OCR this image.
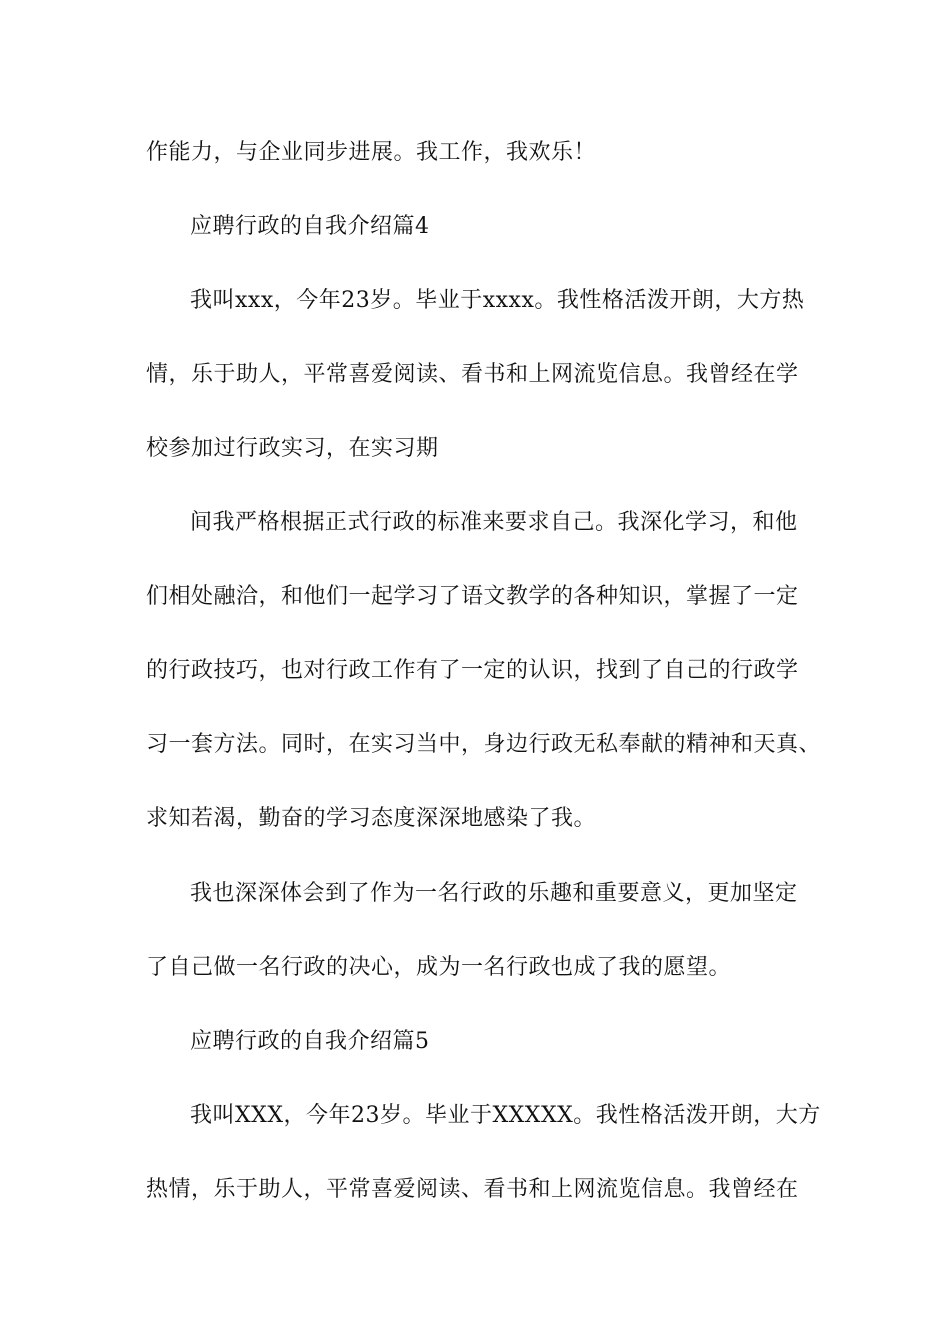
作能力，与企业同步进展。我工作，我欢乐！
应聘行政的自我介绍篇4
我叫xxx，今年23岁。毕业于xxxx。我性格活泼开朗，大方热
情，乐于助人，平常喜爱阅读、看书和上网流览信息。我曾经在学
校参加过行政实习，在实习期
间我严格根据正式行政的标准来要求自己。我深化学习，和他
们相处融洽，和他们一起学习了语文教学的各种知识，掌握了一定
的行政技巧，也对行政工作有了一定的认识，找到了自己的行政学
习一套方法。同时，在实习当中，身边行政无私奉献的精神和天真、
求知若渴，勤奋的学习态度深深地感染了我。
我也深深体会到了作为一名行政的乐趣和重要意义，更加坚定
了自己做一名行政的决心，成为一名行政也成了我的愿望。
应聘行政的自我介绍篇5
我叫XXX，今年23岁。毕业于XXXXX。我性格活泼开朗，大方
热情，乐于助人，平常喜爱阅读、看书和上网流览信息。我曾经在
